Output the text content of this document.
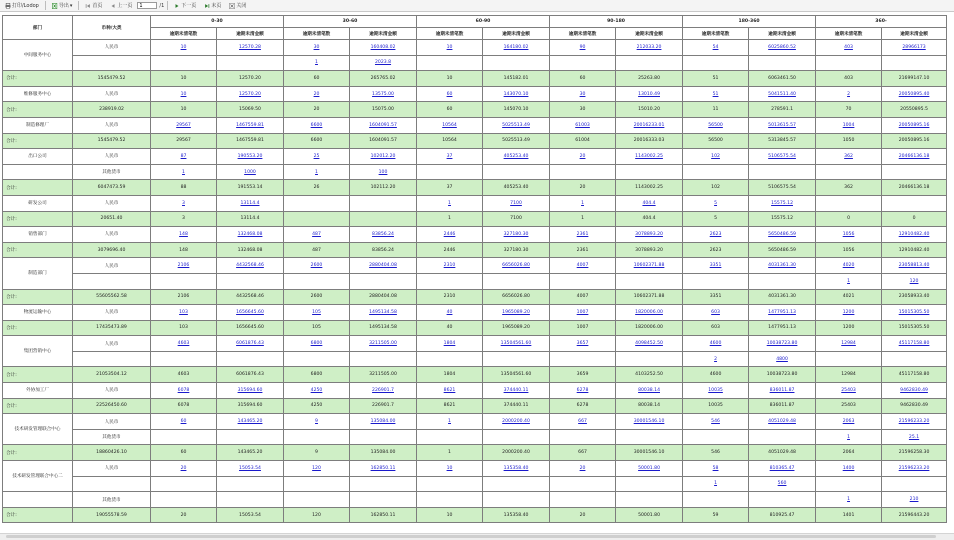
打印/Lodop	导出 ▾	首页	上一页
1	/1	下一页	末页	关闭
部门	币种/大类	0-30		30-60		60-90		90-180		180-360		360-	
		逾期未清笔数	逾期未清金额	逾期未清笔数	逾期未清金额	逾期未清笔数	逾期未清金额	逾期未清笔数	逾期未清金额	逾期未清笔数	逾期未清金额	逾期未清笔数	逾期未清金额
中间服务中心	人民币	10	12570.28	30	160408.02	10	164180.02	90	212033.20	54	6025860.52	403	28966173
				1	2023.8								
合计:	1545479.52	10	12570.20	60	265765.02	10	145182.01	60	25263.80	51	6063461.50	403	21699147.10
维修服务中心	人民币	10	12570.20	20	13575.00	60	143070.10	30	13010.49	51	5041511.40	2	20050895.40
合计:	238919.02	10	15069.50	20	15075.00	60	145070.10	30	15010.20	11	278591.1	70	20550895.5
制造修理厂	人民币	29567	1467559.81	6600	1604091.57	10564	5025513.49	61003	20016233.01	56500	5013615.57	1004	20050895.16
合计:	1545479.52	29567	1467559.81	6600	1604091.57	10564	5025513.49	61004	20016333.03	56500	5313845.57	1050	20050895.16
出口公司	人民币	87	190553.20	25	102012.20	37	405253.40	20	1143002.25	102	5106575.54	362	20466136.18
	其他货币	1	1000	1	100								
合计:	6047473.59	88	191553.14	26	102112.20	37	405253.40	20	1143002.25	102	5106575.54	362	20466136.18
研发公司	人民币	3	13114.4			1	7100	1	404.4	5	15575.12		
合计:	20651.40	3	13114.4			1	7100	1	404.4	5	15575.12	0	0
销售部门	人民币	148	132468.08	487	83856.24	2446	327180.30	2361	3078893.20	2623	5650486.59	1056	12910482.40
合计:	3079696.40	148	132468.08	487	83856.24	2446	327180.30	2361	3078893.20	2623	5650486.59	1056	12910482.40
制造部门	人民币	2106	4432568.46	2600	2880404.08	2310	6656026.80	4007	10602371.88	3351	4031361.30	4020	23058813.40
												1	120
合计:	55605562.58	2106	4432568.46	2600	2880404.08	2310	6656026.80	4007	10602371.88	3351	4031361.30	4021	23058933.40
物流运输中心	人民币	103	1656645.60	105	1495134.58	40	1965089.20	1007	1820006.00	603	1477951.13	1200	15015305.50
合计:	17435473.89	103	1656645.60	105	1495134.58	40	1965089.20	1007	1820006.00	603	1477951.13	1200	15015305.50
集团营销中心	人民币	4603	6061876.43	6800	3211505.00	1804	13504561.60	3657	4098452.50	4600	10038723.80	12984	45117158.80
										2	4800		
合计:	21053504.12	4603	6061876.43	6800	3211505.00	1804	13504561.60	3659	4103252.50	4600	10038723.80	12984	45117158.80
外协加工厂	人民币	6078	315694.60	4250	226901.7	8621	374440.11	6278	80038.14	10035	836011.87	25403	9462830.49
合计:	22526450.60	6078	315694.60	4250	226901.7	8621	374440.11	6278	80038.14	10035	836011.87	25403	9462830.49
技术研发管理联合中心	人民币	60	143465.20	9	135084.00	1	2000200.40	667	30001546.10	546	4051029.48	2063	21596233.20
	其他货币											1	25.1
合计:	18860426.10	60	143465.20	9	135084.00	1	2000200.40	667	30001546.10	546	4051029.48	2064	21596258.30
技术研发管理联合中心二	人民币	20	15053.54	120	162850.11	10	135358.40	20	50001.80	58	810365.47	1400	21596233.20
										1	560		
	其他货币											1	210
合计:	19055578.59	20	15053.54	120	162850.11	10	135358.40	20	50001.80	59	810925.47	1401	21596443.20
